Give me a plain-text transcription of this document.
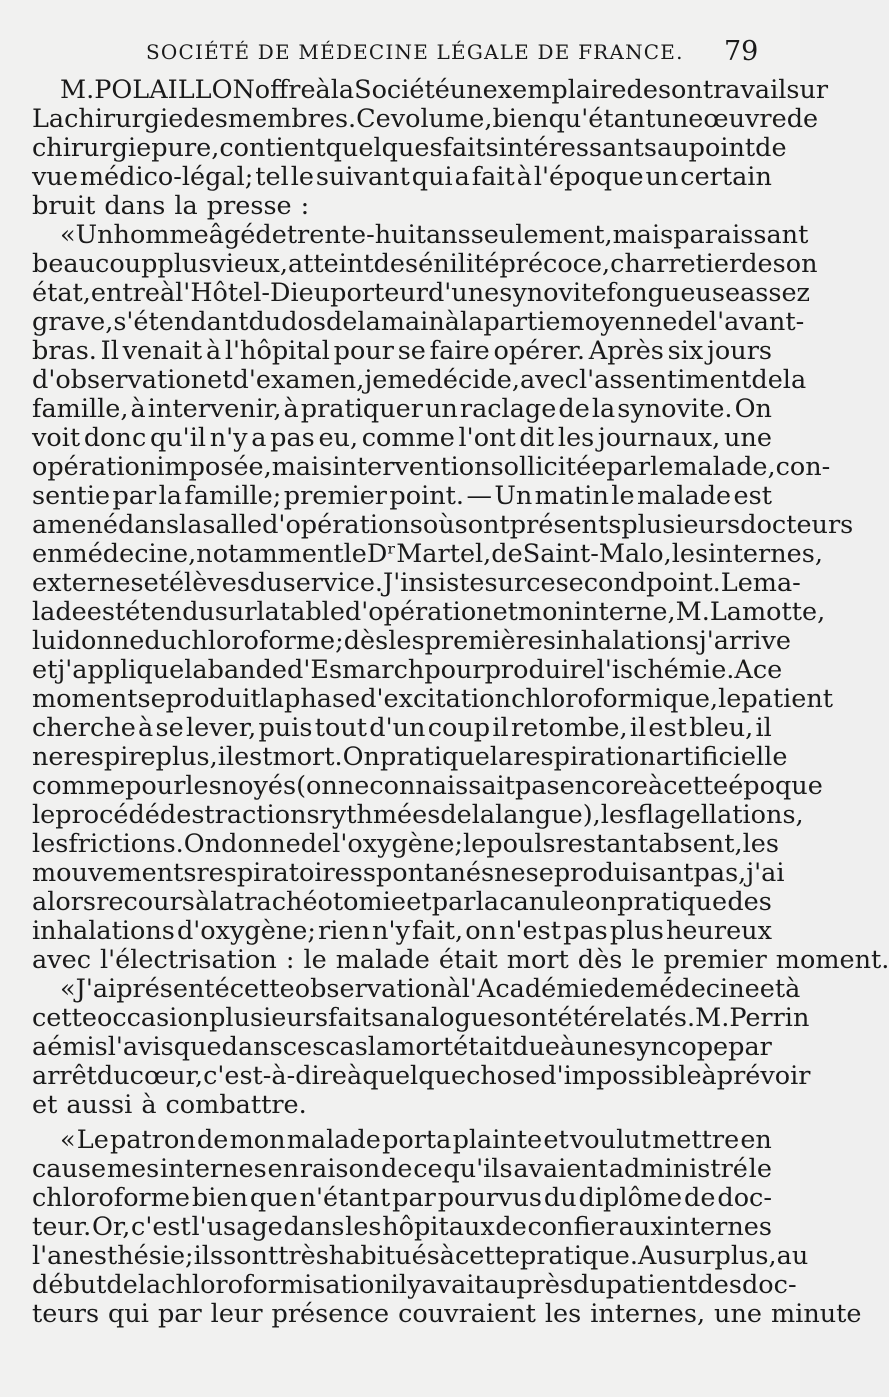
SOCIÉTÉ DE MÉDECINE LÉGALE DE FRANCE. 79
M. POLAILLON offre à la Société un exemplaire de son travail sur
La chirurgie des membres. Ce volume, bien qu'étant une œuvre de
chirurgie pure, contient quelques faits intéressants au point de
vue médico-légal; tel le suivant qui a fait à l'époque un certain
bruit dans la presse :
« Un homme âgé de trente-huit ans seulement, mais paraissant
beaucoup plus vieux, atteint de sénilité précoce, charretier de son
état, entre à l'Hôtel-Dieu porteur d'une synovite fongueuse assez
grave, s'étendant du dos de la main à la partie moyenne de l'avant-
bras. Il venait à l'hôpital pour se faire opérer. Après six jours
d'observation et d'examen, je me décide, avec l'assentiment de la
famille, à intervenir, à pratiquer un raclage de la synovite. On
voit donc qu'il n'y a pas eu, comme l'ont dit les journaux, une
opération imposée, mais intervention sollicitée par le malade, con-
sentie par la famille; premier point. — Un matin le malade est
amené dans la salle d'opérations où sont présents plusieurs docteurs
en médecine, notamment le Dʳ Martel, de Saint-Malo, les internes,
externes et élèves du service. J'insiste sur ce second point. Le ma-
lade est étendu sur la table d'opération et mon interne, M. Lamotte,
lui donne du chloroforme; dès les premières inhalations j'arrive
et j'applique la bande d'Esmarch pour produire l'ischémie. A ce
moment se produit la phase d'excitation chloroformique, le patient
cherche à se lever, puis tout d'un coup il retombe, il est bleu, il
ne respire plus, il est mort. On pratique la respiration artificielle
comme pour les noyés (on ne connaissait pas encore à cette époque
le procédé des tractions rythmées de la langue), les flagellations,
les frictions. On donne de l'oxygène; le pouls restant absent, les
mouvements respiratoires spontanés ne se produisant pas, j'ai
alors recours à la trachéotomie et par la canule on pratique des
inhalations d'oxygène; rien n'y fait, on n'est pas plus heureux
avec l'électrisation : le malade était mort dès le premier moment.
« J'ai présenté cette observation à l'Académie de médecine et à
cette occasion plusieurs faits analogues ont été relatés. M. Perrin
a émis l'avis que dans ces cas la mort était due à une syncope par
arrêt du cœur, c'est-à-dire à quelque chose d'impossible à prévoir
et aussi à combattre.
« Le patron de mon malade porta plainte et voulut mettre en
cause mes internes en raison de ce qu'ils avaient administré le
chloroforme bien que n'étant par pourvus du diplôme de doc-
teur. Or, c'est l'usage dans les hôpitaux de confier aux internes
l'anesthésie; ils sont très habitués à cette pratique. Au surplus, au
début de la chloroformisation il y avait auprès du patient des doc-
teurs qui par leur présence couvraient les internes, une minute
